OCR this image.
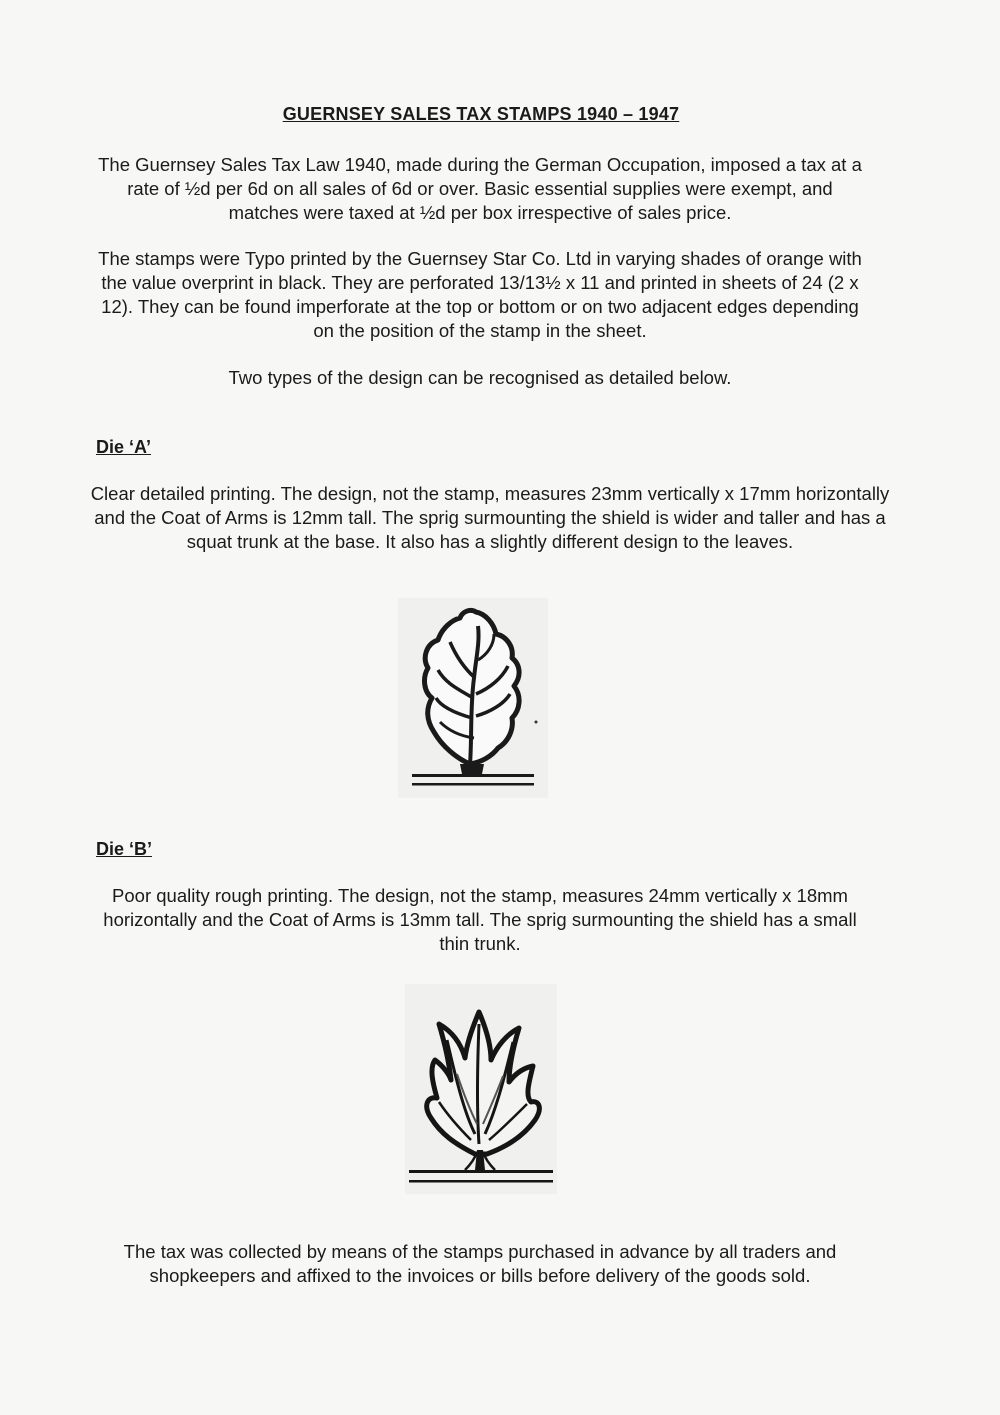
GUERNSEY SALES TAX STAMPS 1940 – 1947
The Guernsey Sales Tax Law 1940, made during the German Occupation, imposed a tax at a rate of ½d per 6d on all sales of 6d or over. Basic essential supplies were exempt, and matches were taxed at ½d per box irrespective of sales price.
The stamps were Typo printed by the Guernsey Star Co. Ltd in varying shades of orange with the value overprint in black. They are perforated 13/13½ x 11 and printed in sheets of 24 (2 x 12). They can be found imperforate at the top or bottom or on two adjacent edges depending on the position of the stamp in the sheet.
Two types of the design can be recognised as detailed below.
Die ‘A’
Clear detailed printing. The design, not the stamp, measures 23mm vertically x 17mm horizontally and the Coat of Arms is 12mm tall. The sprig surmounting the shield is wider and taller and has a squat trunk at the base. It also has a slightly different design to the leaves.
Die ‘B’
Poor quality rough printing. The design, not the stamp, measures 24mm vertically x 18mm horizontally and the Coat of Arms is 13mm tall. The sprig surmounting the shield has a small thin trunk.
The tax was collected by means of the stamps purchased in advance by all traders and shopkeepers and affixed to the invoices or bills before delivery of the goods sold.
